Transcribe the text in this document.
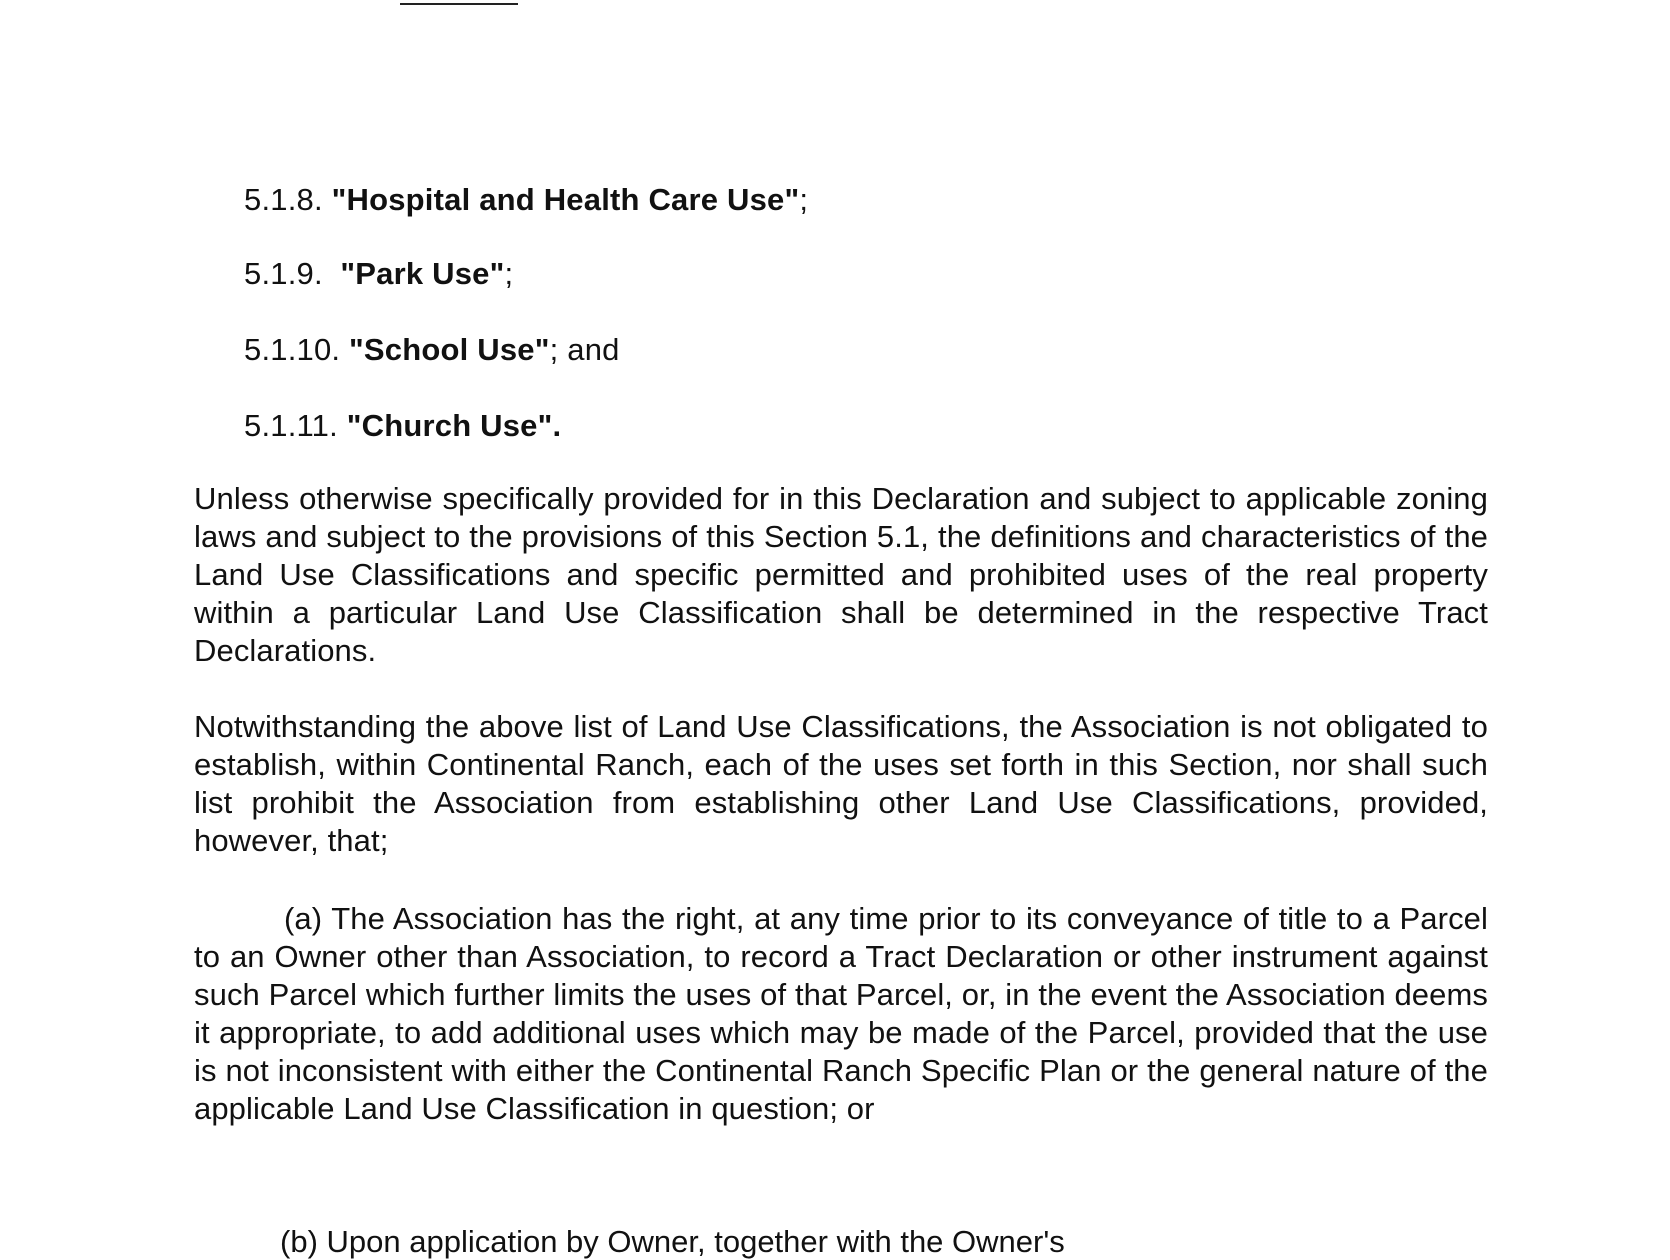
5.1.8. "Hospital and Health Care Use";
5.1.9. "Park Use";
5.1.10. "School Use"; and
5.1.11. "Church Use".

Unless otherwise specifically provided for in this Declaration and subject to applicable zoning laws and subject to the provisions of this Section 5.1, the definitions and characteristics of the Land Use Classifications and specific permitted and prohibited uses of the real property within a particular Land Use Classification shall be determined in the respective Tract Declarations.

Notwithstanding the above list of Land Use Classifications, the Association is not obligated to establish, within Continental Ranch, each of the uses set forth in this Section, nor shall such list prohibit the Association from establishing other Land Use Classifications, provided, however, that;

(a) The Association has the right, at any time prior to its conveyance of title to a Parcel to an Owner other than Association, to record a Tract Declaration or other instrument against such Parcel which further limits the uses of that Parcel, or, in the event the Association deems it appropriate, to add additional uses which may be made of the Parcel, provided that the use is not inconsistent with either the Continental Ranch Specific Plan or the general nature of the applicable Land Use Classification in question; or

(b) Upon application by Owner, together with the Owner's
